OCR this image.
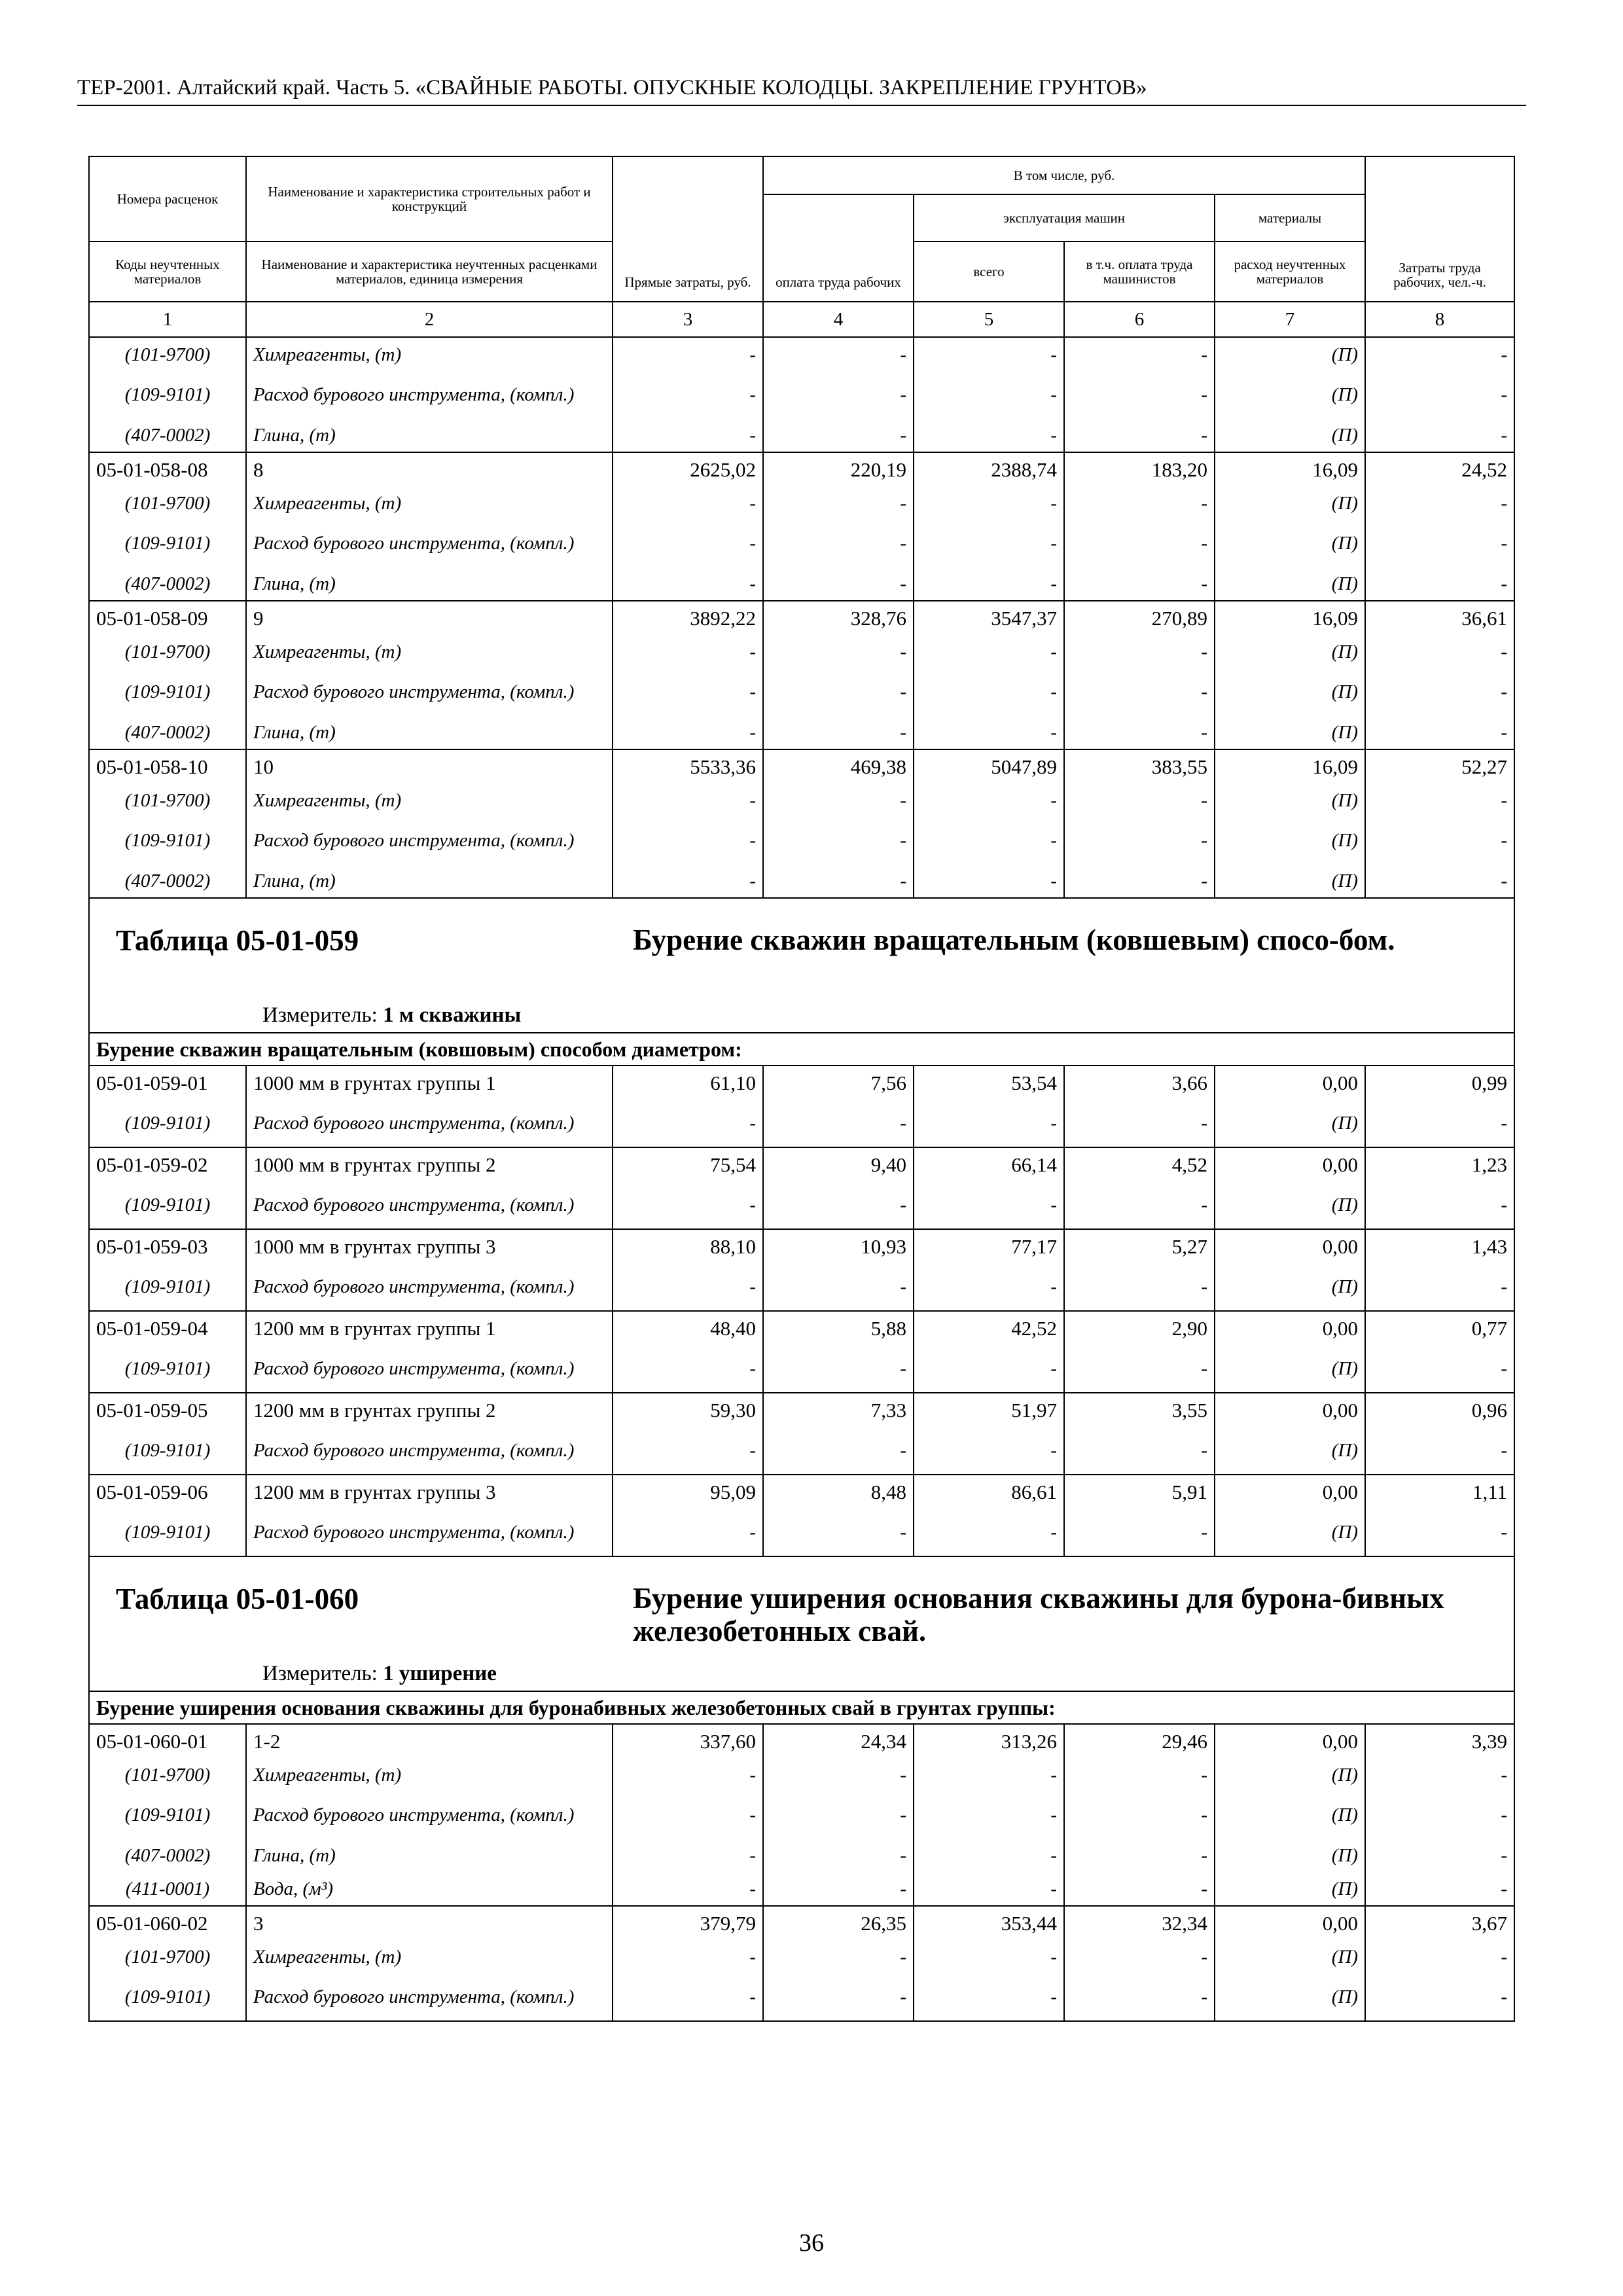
ТЕР-2001. Алтайский край. Часть 5. «СВАЙНЫЕ РАБОТЫ. ОПУСКНЫЕ КОЛОДЦЫ. ЗАКРЕПЛЕНИЕ ГРУНТОВ»
Номера расценок	Наименование и характеристика строительных работ и конструкций	Прямые затраты, руб.	В том числе, руб.				Затраты труда рабочих, чел.-ч.
			оплата труда рабочих	эксплуатация машин		материалы	
Коды неучтенных материалов	Наименование и характеристика неучтенных расценками материалов, единица измерения			всего	в т.ч. оплата труда машинистов	расход неучтенных материалов	

1	2	3	4	5	6	7	8
(101-9700)	Химреагенты, (т)	-	-	-	-	(П)	-
(109-9101)	Расход бурового инструмента, (компл.)	-	-	-	-	(П)	-
(407-0002)	Глина, (т)	-	-	-	-	(П)	-
05-01-058-08	8	2625,02	220,19	2388,74	183,20	16,09	24,52
(101-9700)	Химреагенты, (т)	-	-	-	-	(П)	-
(109-9101)	Расход бурового инструмента, (компл.)	-	-	-	-	(П)	-
(407-0002)	Глина, (т)	-	-	-	-	(П)	-
05-01-058-09	9	3892,22	328,76	3547,37	270,89	16,09	36,61
(101-9700)	Химреагенты, (т)	-	-	-	-	(П)	-
(109-9101)	Расход бурового инструмента, (компл.)	-	-	-	-	(П)	-
(407-0002)	Глина, (т)	-	-	-	-	(П)	-
05-01-058-10	10	5533,36	469,38	5047,89	383,55	16,09	52,27
(101-9700)	Химреагенты, (т)	-	-	-	-	(П)	-
(109-9101)	Расход бурового инструмента, (компл.)	-	-	-	-	(П)	-
(407-0002)	Глина, (т)	-	-	-	-	(П)	-

Таблица 05-01-059 Бурение скважин вращательным (ковшевым) спосо-бом.
Измеритель: 1 м скважины							

Бурение скважин вращательным (ковшовым) способом диаметром:							
05-01-059-01	1000 мм в грунтах группы 1	61,10	7,56	53,54	3,66	0,00	0,99
(109-9101)	Расход бурового инструмента, (компл.)	-	-	-	-	(П)	-
05-01-059-02	1000 мм в грунтах группы 2	75,54	9,40	66,14	4,52	0,00	1,23
(109-9101)	Расход бурового инструмента, (компл.)	-	-	-	-	(П)	-
05-01-059-03	1000 мм в грунтах группы 3	88,10	10,93	77,17	5,27	0,00	1,43
(109-9101)	Расход бурового инструмента, (компл.)	-	-	-	-	(П)	-
05-01-059-04	1200 мм в грунтах группы 1	48,40	5,88	42,52	2,90	0,00	0,77
(109-9101)	Расход бурового инструмента, (компл.)	-	-	-	-	(П)	-
05-01-059-05	1200 мм в грунтах группы 2	59,30	7,33	51,97	3,55	0,00	0,96
(109-9101)	Расход бурового инструмента, (компл.)	-	-	-	-	(П)	-
05-01-059-06	1200 мм в грунтах группы 3	95,09	8,48	86,61	5,91	0,00	1,11
(109-9101)	Расход бурового инструмента, (компл.)	-	-	-	-	(П)	-

Таблица 05-01-060 Бурение уширения основания скважины для бурона-бивных железобетонных свай.
Измеритель: 1 уширение							

Бурение уширения основания скважины для буронабивных железобетонных свай в грунтах группы:							
05-01-060-01	1-2	337,60	24,34	313,26	29,46	0,00	3,39
(101-9700)	Химреагенты, (т)	-	-	-	-	(П)	-
(109-9101)	Расход бурового инструмента, (компл.)	-	-	-	-	(П)	-
(407-0002)	Глина, (т)	-	-	-	-	(П)	-
(411-0001)	Вода, (м³)	-	-	-	-	(П)	-
05-01-060-02	3	379,79	26,35	353,44	32,34	0,00	3,67
(101-9700)	Химреагенты, (т)	-	-	-	-	(П)	-
(109-9101)	Расход бурового инструмента, (компл.)	-	-	-	-	(П)	-
36
